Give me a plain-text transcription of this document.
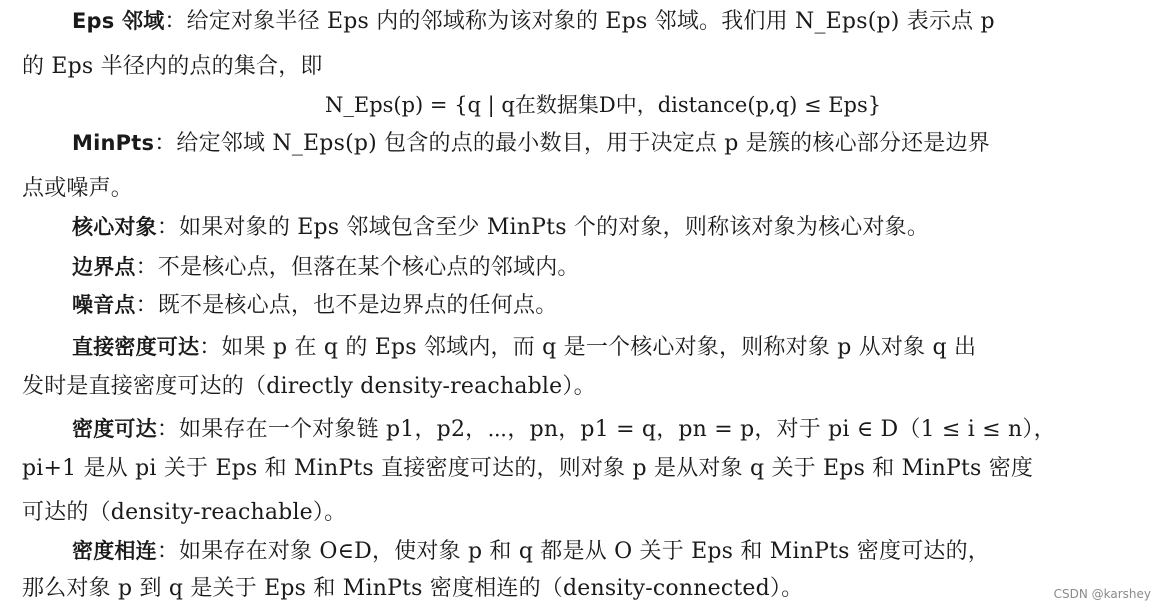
Eps 邻域：给定对象半径 Eps 内的邻域称为该对象的 Eps 邻域。我们用 N_Eps(p) 表示点 p
的 Eps 半径内的点的集合，即
N_Eps(p) = {q | q在数据集D中，distance(p,q) ≤ Eps}
MinPts：给定邻域 N_Eps(p) 包含的点的最小数目，用于决定点 p 是簇的核心部分还是边界
点或噪声。
核心对象：如果对象的 Eps 邻域包含至少 MinPts 个的对象，则称该对象为核心对象。
边界点：不是核心点，但落在某个核心点的邻域内。
噪音点：既不是核心点，也不是边界点的任何点。
直接密度可达：如果 p 在 q 的 Eps 邻域内，而 q 是一个核心对象，则称对象 p 从对象 q 出
发时是直接密度可达的（directly density-reachable）。
密度可达：如果存在一个对象链 p1，p2，⋯，pn，p1 = q，pn = p，对于 pi ∈ D（1 ≤ i ≤ n），
pi+1 是从 pi 关于 Eps 和 MinPts 直接密度可达的，则对象 p 是从对象 q 关于 Eps 和 MinPts 密度
可达的（density-reachable）。
密度相连：如果存在对象 O∈D，使对象 p 和 q 都是从 O 关于 Eps 和 MinPts 密度可达的，
那么对象 p 到 q 是关于 Eps 和 MinPts 密度相连的（density-connected）。	CSDN @karshey
